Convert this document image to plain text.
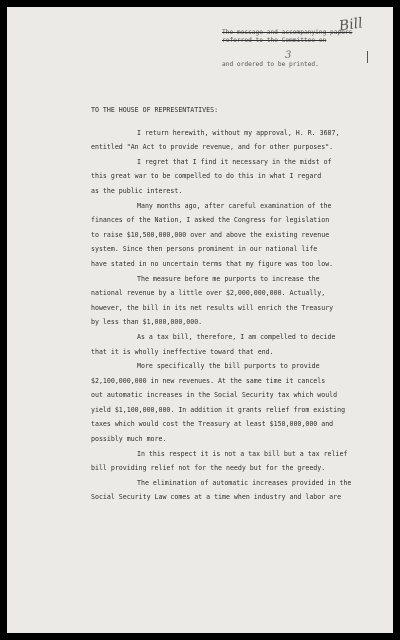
Bill
3
The message and accompanying papers
referred to the Committee on
and ordered to be printed.

TO THE HOUSE OF REPRESENTATIVES:

I return herewith, without my approval, H. R. 3687,

entitled "An Act to provide revenue, and for other purposes".

I regret that I find it necessary in the midst of

this great war to be compelled to do this in what I regard

as the public interest.

Many months ago, after careful examination of the

finances of the Nation, I asked the Congress for legislation

to raise $10,500,000,000 over and above the existing revenue

system. Since then persons prominent in our national life

have stated in no uncertain terms that my figure was too low.

The measure before me purports to increase the

national revenue by a little over $2,000,000,000. Actually,

however, the bill in its net results will enrich the Treasury

by less than $1,000,000,000.

As a tax bill, therefore, I am compelled to decide

that it is wholly ineffective toward that end.

More specifically the bill purports to provide

$2,100,000,000 in new revenues. At the same time it cancels

out automatic increases in the Social Security tax which would

yield $1,100,000,000. In addition it grants relief from existing

taxes which would cost the Treasury at least $150,000,000 and

possibly much more.

In this respect it is not a tax bill but a tax relief

bill providing relief not for the needy but for the greedy.

The elimination of automatic increases provided in the

Social Security Law comes at a time when industry and labor are
